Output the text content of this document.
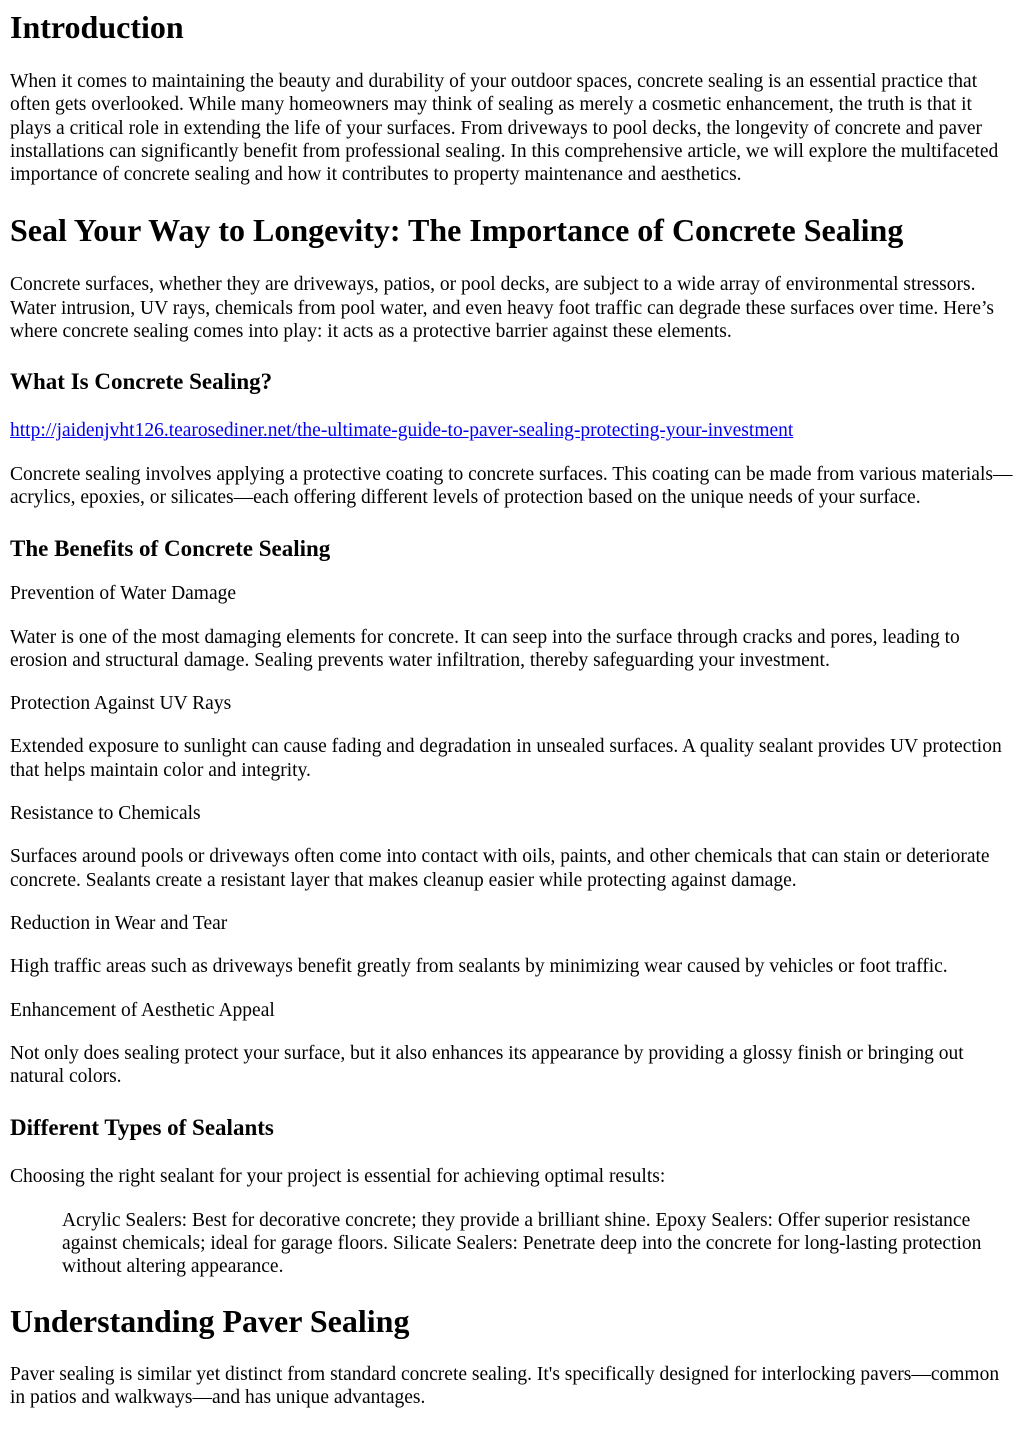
Introduction

When it comes to maintaining the beauty and durability of your outdoor spaces, concrete sealing is an essential practice that often gets overlooked. While many homeowners may think of sealing as merely a cosmetic enhancement, the truth is that it plays a critical role in extending the life of your surfaces. From driveways to pool decks, the longevity of concrete and paver installations can significantly benefit from professional sealing. In this comprehensive article, we will explore the multifaceted importance of concrete sealing and how it contributes to property maintenance and aesthetics.

Seal Your Way to Longevity: The Importance of Concrete Sealing

Concrete surfaces, whether they are driveways, patios, or pool decks, are subject to a wide array of environmental stressors. Water intrusion, UV rays, chemicals from pool water, and even heavy foot traffic can degrade these surfaces over time. Here’s where concrete sealing comes into play: it acts as a protective barrier against these elements.

What Is Concrete Sealing?

http://jaidenjvht126.tearosediner.net/the-ultimate-guide-to-paver-sealing-protecting-your-investment

Concrete sealing involves applying a protective coating to concrete surfaces. This coating can be made from various materials—acrylics, epoxies, or silicates—each offering different levels of protection based on the unique needs of your surface.

The Benefits of Concrete Sealing

Prevention of Water Damage

Water is one of the most damaging elements for concrete. It can seep into the surface through cracks and pores, leading to erosion and structural damage. Sealing prevents water infiltration, thereby safeguarding your investment.

Protection Against UV Rays

Extended exposure to sunlight can cause fading and degradation in unsealed surfaces. A quality sealant provides UV protection that helps maintain color and integrity.

Resistance to Chemicals

Surfaces around pools or driveways often come into contact with oils, paints, and other chemicals that can stain or deteriorate concrete. Sealants create a resistant layer that makes cleanup easier while protecting against damage.

Reduction in Wear and Tear

High traffic areas such as driveways benefit greatly from sealants by minimizing wear caused by vehicles or foot traffic.

Enhancement of Aesthetic Appeal

Not only does sealing protect your surface, but it also enhances its appearance by providing a glossy finish or bringing out natural colors.

Different Types of Sealants

Choosing the right sealant for your project is essential for achieving optimal results:

Acrylic Sealers: Best for decorative concrete; they provide a brilliant shine. Epoxy Sealers: Offer superior resistance against chemicals; ideal for garage floors. Silicate Sealers: Penetrate deep into the concrete for long-lasting protection without altering appearance.

Understanding Paver Sealing

Paver sealing is similar yet distinct from standard concrete sealing. It's specifically designed for interlocking pavers—common in patios and walkways—and has unique advantages.
